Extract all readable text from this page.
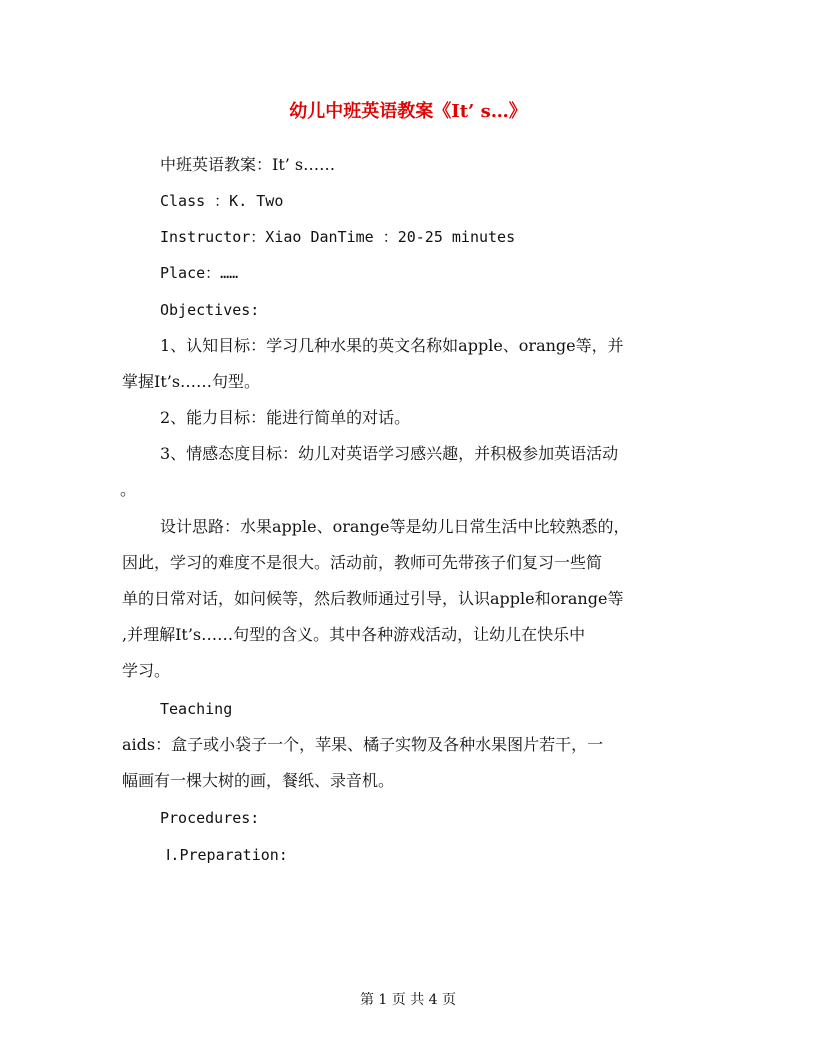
幼儿中班英语教案《It’ s…》
中班英语教案：It’ s……
Class ：K. Two
Instructor：Xiao DanTime ：20-25 minutes
Place：……
Objectives:
1、认知目标：学习几种水果的英文名称如apple、orange等，并
掌握It’s……句型。
2、能力目标：能进行简单的对话。
3、情感态度目标：幼儿对英语学习感兴趣，并积极参加英语活动
。
设计思路：水果apple、orange等是幼儿日常生活中比较熟悉的，
因此，学习的难度不是很大。活动前，教师可先带孩子们复习一些简
单的日常对话，如问候等，然后教师通过引导，认识apple和orange等
,并理解It’s……句型的含义。其中各种游戏活动，让幼儿在快乐中
学习。
Teaching
aids：盒子或小袋子一个，苹果、橘子实物及各种水果图片若干，一
幅画有一棵大树的画，餐纸、录音机。
Procedures:
Ⅰ.Preparation:
第 1 页 共 4 页
